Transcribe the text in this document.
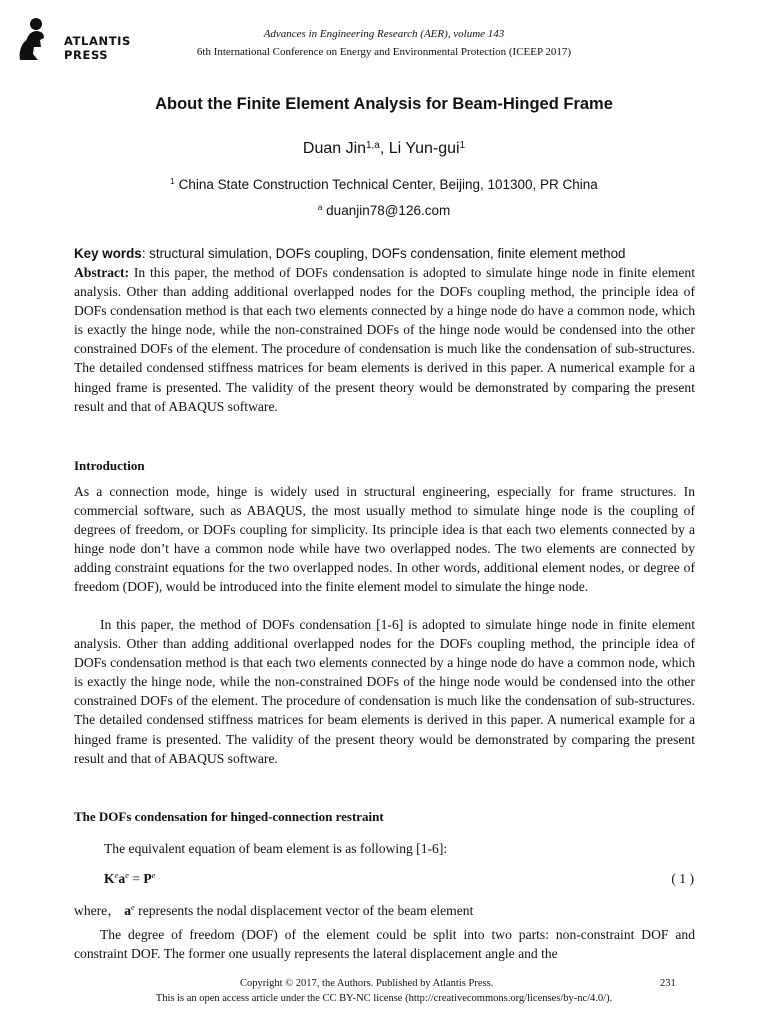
ATLANTIS
PRESS
Advances in Engineering Research (AER), volume 143
6th International Conference on Energy and Environmental Protection (ICEEP 2017)
About the Finite Element Analysis for Beam-Hinged Frame
Duan Jin$^{1,a}$, Li Yun-gui$^1$
$^1$ China State Construction Technical Center, Beijing, 101300, PR China
$^a$ duanjin78@126.com
Key words: structural simulation, DOFs coupling, DOFs condensation, finite element method
Abstract: In this paper, the method of DOFs condensation is adopted to simulate hinge node in finite element analysis. Other than adding additional overlapped nodes for the DOFs coupling method, the principle idea of DOFs condensation method is that each two elements connected by a hinge node do have a common node, which is exactly the hinge node, while the non-constrained DOFs of the hinge node would be condensed into the other constrained DOFs of the element. The procedure of condensation is much like the condensation of sub-structures. The detailed condensed stiffness matrices for beam elements is derived in this paper. A numerical example for a hinged frame is presented. The validity of the present theory would be demonstrated by comparing the present result and that of ABAQUS software.
Introduction
As a connection mode, hinge is widely used in structural engineering, especially for frame structures. In commercial software, such as ABAQUS, the most usually method to simulate hinge node is the coupling of degrees of freedom, or DOFs coupling for simplicity. Its principle idea is that each two elements connected by a hinge node don’t have a common node while have two overlapped nodes. The two elements are connected by adding constraint equations for the two overlapped nodes. In other words, additional element nodes, or degree of freedom (DOF), would be introduced into the finite element model to simulate the hinge node.
In this paper, the method of DOFs condensation [1-6] is adopted to simulate hinge node in finite element analysis. Other than adding additional overlapped nodes for the DOFs coupling method, the principle idea of DOFs condensation method is that each two elements connected by a hinge node do have a common node, which is exactly the hinge node, while the non-constrained DOFs of the hinge node would be condensed into the other constrained DOFs of the element. The procedure of condensation is much like the condensation of sub-structures. The detailed condensed stiffness matrices for beam elements is derived in this paper. A numerical example for a hinged frame is presented. The validity of the present theory would be demonstrated by comparing the present result and that of ABAQUS software.
The DOFs condensation for hinged-connection restraint
The equivalent equation of beam element is as following [1-6]:
$K^ea^e = P^e$	( 1 )
where， $a^e$ represents the nodal displacement vector of the beam element
The degree of freedom (DOF) of the element could be split into two parts: non-constraint DOF and constraint DOF. The former one usually represents the lateral displacement angle and the
Copyright © 2017, the Authors. Published by Atlantis Press.	231
This is an open access article under the CC BY-NC license (http://creativecommons.org/licenses/by-nc/4.0/).
